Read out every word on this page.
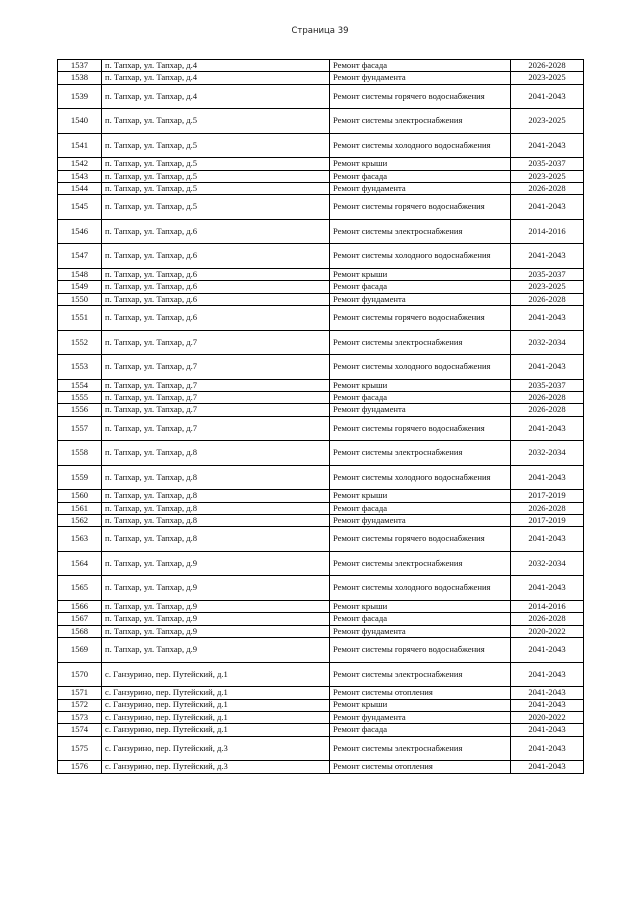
Страница 39
1537	п. Тапхар, ул. Тапхар, д.4	Ремонт фасада	2026-2028
1538	п. Тапхар, ул. Тапхар, д.4	Ремонт фундамента	2023-2025
1539	п. Тапхар, ул. Тапхар, д.4	Ремонт системы горячего водоснабжения	2041-2043
1540	п. Тапхар, ул. Тапхар, д.5	Ремонт системы электроснабжения	2023-2025
1541	п. Тапхар, ул. Тапхар, д.5	Ремонт системы холодного водоснабжения	2041-2043
1542	п. Тапхар, ул. Тапхар, д.5	Ремонт крыши	2035-2037
1543	п. Тапхар, ул. Тапхар, д.5	Ремонт фасада	2023-2025
1544	п. Тапхар, ул. Тапхар, д.5	Ремонт фундамента	2026-2028
1545	п. Тапхар, ул. Тапхар, д.5	Ремонт системы горячего водоснабжения	2041-2043
1546	п. Тапхар, ул. Тапхар, д.6	Ремонт системы электроснабжения	2014-2016
1547	п. Тапхар, ул. Тапхар, д.6	Ремонт системы холодного водоснабжения	2041-2043
1548	п. Тапхар, ул. Тапхар, д.6	Ремонт крыши	2035-2037
1549	п. Тапхар, ул. Тапхар, д.6	Ремонт фасада	2023-2025
1550	п. Тапхар, ул. Тапхар, д.6	Ремонт фундамента	2026-2028
1551	п. Тапхар, ул. Тапхар, д.6	Ремонт системы горячего водоснабжения	2041-2043
1552	п. Тапхар, ул. Тапхар, д.7	Ремонт системы электроснабжения	2032-2034
1553	п. Тапхар, ул. Тапхар, д.7	Ремонт системы холодного водоснабжения	2041-2043
1554	п. Тапхар, ул. Тапхар, д.7	Ремонт крыши	2035-2037
1555	п. Тапхар, ул. Тапхар, д.7	Ремонт фасада	2026-2028
1556	п. Тапхар, ул. Тапхар, д.7	Ремонт фундамента	2026-2028
1557	п. Тапхар, ул. Тапхар, д.7	Ремонт системы горячего водоснабжения	2041-2043
1558	п. Тапхар, ул. Тапхар, д.8	Ремонт системы электроснабжения	2032-2034
1559	п. Тапхар, ул. Тапхар, д.8	Ремонт системы холодного водоснабжения	2041-2043
1560	п. Тапхар, ул. Тапхар, д.8	Ремонт крыши	2017-2019
1561	п. Тапхар, ул. Тапхар, д.8	Ремонт фасада	2026-2028
1562	п. Тапхар, ул. Тапхар, д.8	Ремонт фундамента	2017-2019
1563	п. Тапхар, ул. Тапхар, д.8	Ремонт системы горячего водоснабжения	2041-2043
1564	п. Тапхар, ул. Тапхар, д.9	Ремонт системы электроснабжения	2032-2034
1565	п. Тапхар, ул. Тапхар, д.9	Ремонт системы холодного водоснабжения	2041-2043
1566	п. Тапхар, ул. Тапхар, д.9	Ремонт крыши	2014-2016
1567	п. Тапхар, ул. Тапхар, д.9	Ремонт фасада	2026-2028
1568	п. Тапхар, ул. Тапхар, д.9	Ремонт фундамента	2020-2022
1569	п. Тапхар, ул. Тапхар, д.9	Ремонт системы горячего водоснабжения	2041-2043
1570	с. Ганзурино, пер. Путейский, д.1	Ремонт системы электроснабжения	2041-2043
1571	с. Ганзурино, пер. Путейский, д.1	Ремонт системы отопления	2041-2043
1572	с. Ганзурино, пер. Путейский, д.1	Ремонт крыши	2041-2043
1573	с. Ганзурино, пер. Путейский, д.1	Ремонт фундамента	2020-2022
1574	с. Ганзурино, пер. Путейский, д.1	Ремонт фасада	2041-2043
1575	с. Ганзурино, пер. Путейский, д.3	Ремонт системы электроснабжения	2041-2043
1576	с. Ганзурино, пер. Путейский, д.3	Ремонт системы отопления	2041-2043
